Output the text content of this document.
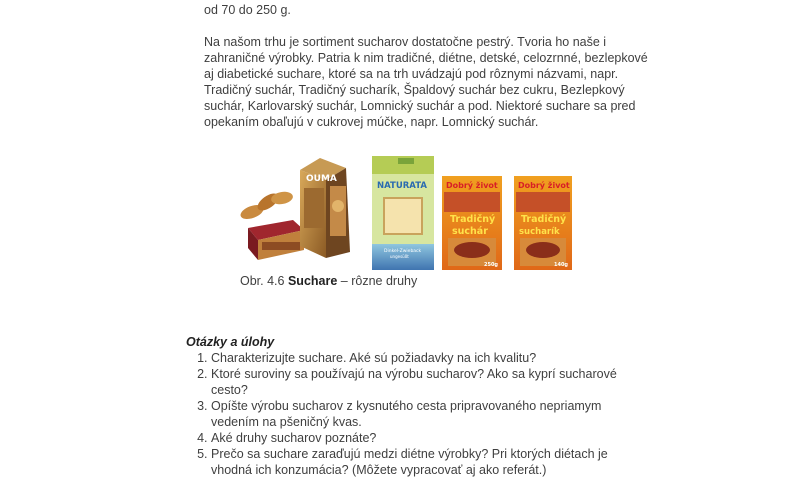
od 70 do 250 g.
Na našom trhu je sortiment sucharov dostatočne pestrý. Tvoria ho naše i zahraničné výrobky. Patria k nim tradičné, diétne, detské, celozrnné, bezlepkové aj diabetické suchare, ktoré sa na trh uvádzajú pod rôznymi názvami, napr. Tradičný suchár, Tradičný sucharík, Špaldový suchár bez cukru, Bezlepkový suchár, Karlovarský suchár, Lomnický suchár a pod. Niektoré suchare sa pred opekaním obaľujú v cukrovej múčke, napr. Lomnický suchár.
OUMA
NATURATA
Dinkel-Zwieback
ungesüßt
Dobrý život
Tradičný
suchár
250g
Dobrý život
Tradičný
sucharík
140g
Obr. 4.6 Suchare – rôzne druhy
Otázky a úlohy
1. Charakterizujte suchare. Aké sú požiadavky na ich kvalitu?
2. Ktoré suroviny sa používajú na výrobu sucharov? Ako sa kyprí sucharové cesto?
3. Opíšte výrobu sucharov z kysnutého cesta pripravovaného nepriamym vedením na pšeničný kvas.
4. Aké druhy sucharov poznáte?
5. Prečo sa suchare zaraďujú medzi diétne výrobky? Pri ktorých diétach je vhodná ich konzumácia? (Môžete vypracovať aj ako referát.)
